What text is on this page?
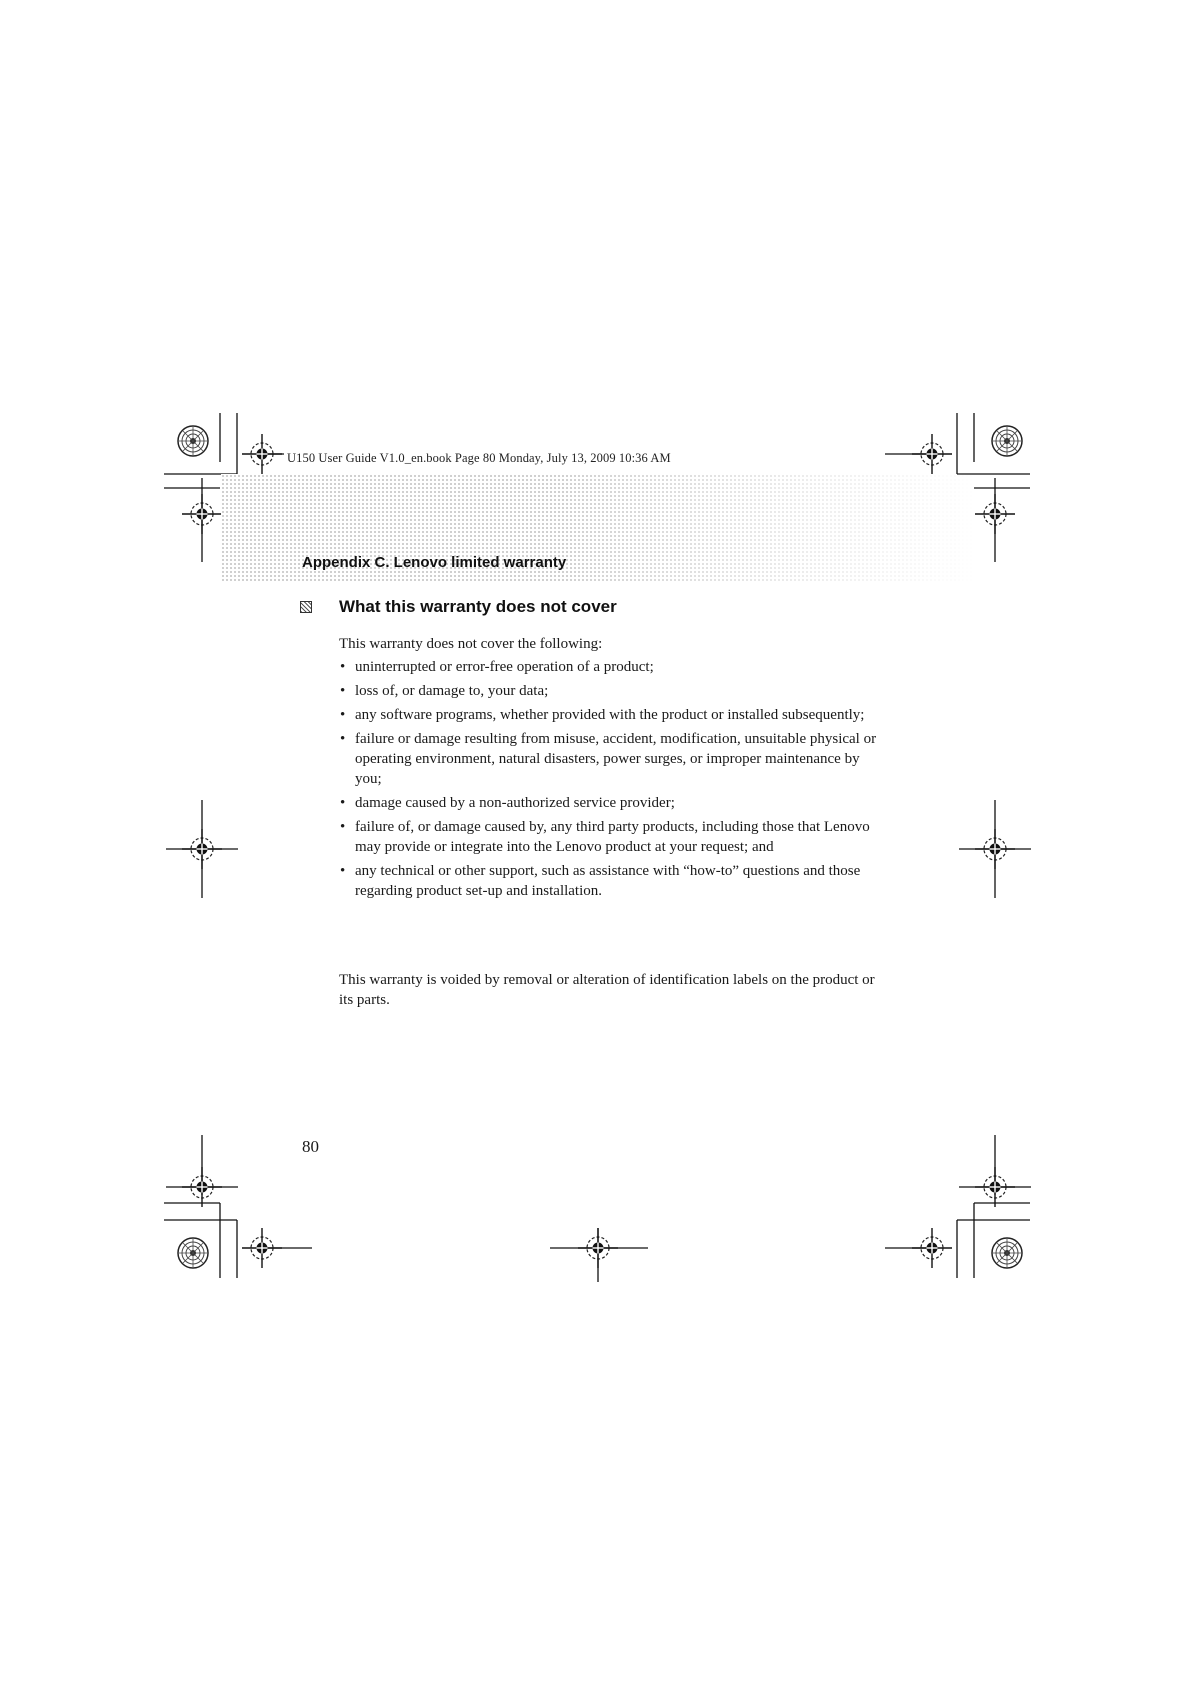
U150 User Guide V1.0_en.book Page 80 Monday, July 13, 2009 10:36 AM
Appendix C. Lenovo limited warranty
What this warranty does not cover

This warranty does not cover the following:

• uninterrupted or error-free operation of a product;
• loss of, or damage to, your data;
• any software programs, whether provided with the product or installed subsequently;
• failure or damage resulting from misuse, accident, modification, unsuitable physical or operating environment, natural disasters, power surges, or improper maintenance by you;
• damage caused by a non-authorized service provider;
• failure of, or damage caused by, any third party products, including those that Lenovo may provide or integrate into the Lenovo product at your request; and
• any technical or other support, such as assistance with “how-to” questions and those regarding product set-up and installation.

This warranty is voided by removal or alteration of identification labels on the product or its parts.

80
